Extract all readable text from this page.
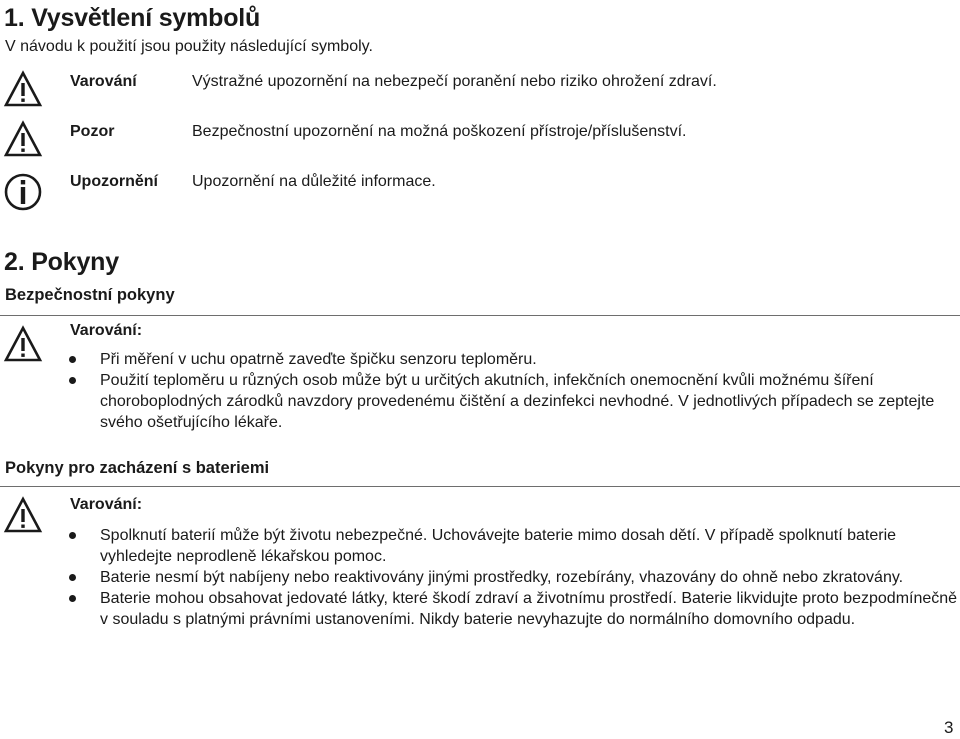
1. Vysvětlení symbolů
V návodu k použití jsou použity následující symboly.
Varování	Výstražné upozornění na nebezpečí poranění nebo riziko ohrožení zdraví.
Pozor	Bezpečnostní upozornění na možná poškození přístroje/příslušenství.
Upozornění Upozornění na důležité informace.
2. Pokyny
Bezpečnostní pokyny
Varování:
Při měření v uchu opatrně zaveďte špičku senzoru teploměru.
Použití teploměru u různých osob může být u určitých akutních, infekčních onemocnění kvůli možnému šíření choroboplodných zárodků navzdory provedenému čištění a dezinfekci nevhodné. V jednotlivých případech se zeptejte svého ošetřujícího lékaře.
Pokyny pro zacházení s bateriemi
Varování:
Spolknutí baterií může být životu nebezpečné. Uchovávejte baterie mimo dosah dětí. V případě spolknutí baterie vyhledejte neprodleně lékařskou pomoc.
Baterie nesmí být nabíjeny nebo reaktivovány jinými prostředky, rozebírány, vhazovány do ohně nebo zkratovány.
Baterie mohou obsahovat jedovaté látky, které škodí zdraví a životnímu prostředí. Baterie likvidujte proto bezpodmínečně v souladu s platnými právními ustanoveními. Nikdy baterie nevyhazujte do normálního domovního odpadu.
3
